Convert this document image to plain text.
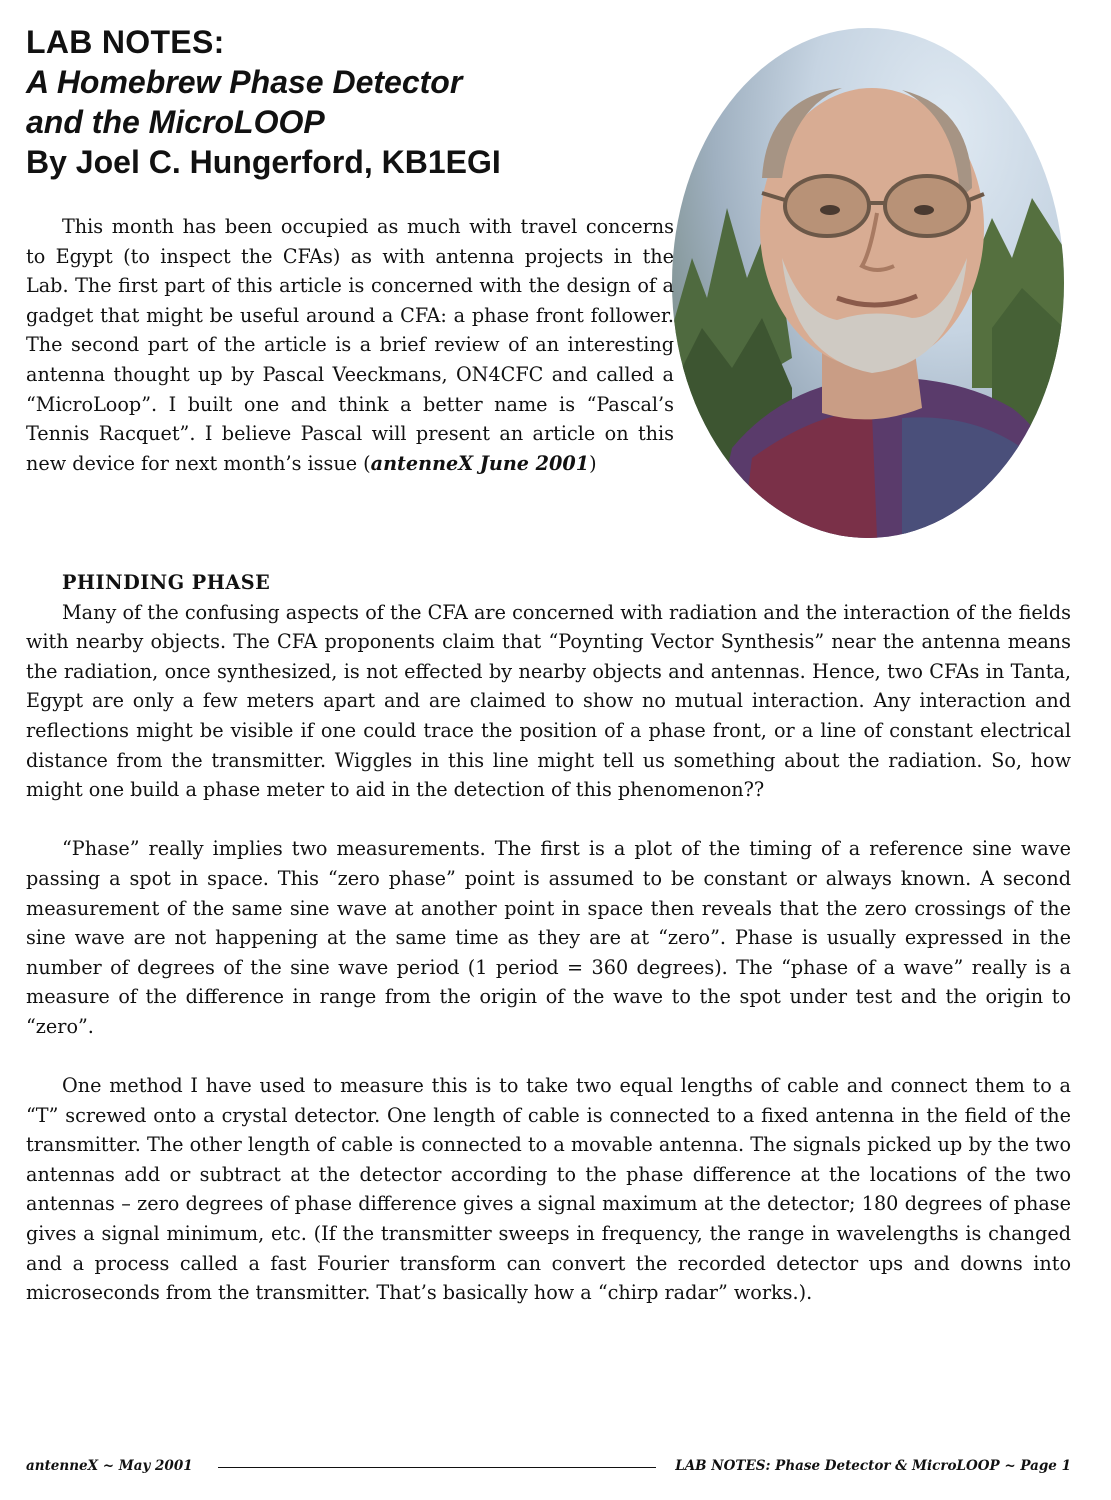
LAB NOTES:
A Homebrew Phase Detector
and the MicroLOOP
By Joel C. Hungerford, KB1EGI

This month has been occupied as much with travel concerns to Egypt (to inspect the CFAs) as with antenna projects in the Lab. The first part of this article is concerned with the design of a gadget that might be useful around a CFA: a phase front follower. The second part of the article is a brief review of an interesting antenna thought up by Pascal Veeckmans, ON4CFC and called a “MicroLoop”. I built one and think a better name is “Pascal’s Tennis Racquet”. I believe Pascal will present an article on this new device for next month’s issue (antenneX June 2001)

PHINDING PHASE

Many of the confusing aspects of the CFA are concerned with radiation and the interaction of the fields with nearby objects. The CFA proponents claim that “Poynting Vector Synthesis” near the antenna means the radiation, once synthesized, is not effected by nearby objects and antennas. Hence, two CFAs in Tanta, Egypt are only a few meters apart and are claimed to show no mutual interaction. Any interaction and reflections might be visible if one could trace the position of a phase front, or a line of constant electrical distance from the transmitter. Wiggles in this line might tell us something about the radiation. So, how might one build a phase meter to aid in the detection of this phenomenon??

“Phase” really implies two measurements. The first is a plot of the timing of a reference sine wave passing a spot in space. This “zero phase” point is assumed to be constant or always known. A second measurement of the same sine wave at another point in space then reveals that the zero crossings of the sine wave are not happening at the same time as they are at “zero”. Phase is usually expressed in the number of degrees of the sine wave period (1 period = 360 degrees). The “phase of a wave” really is a measure of the difference in range from the origin of the wave to the spot under test and the origin to “zero”.

One method I have used to measure this is to take two equal lengths of cable and connect them to a “T” screwed onto a crystal detector. One length of cable is connected to a fixed antenna in the field of the transmitter. The other length of cable is connected to a movable antenna. The signals picked up by the two antennas add or subtract at the detector according to the phase difference at the locations of the two antennas – zero degrees of phase difference gives a signal maximum at the detector; 180 degrees of phase gives a signal minimum, etc. (If the transmitter sweeps in frequency, the range in wavelengths is changed and a process called a fast Fourier transform can convert the recorded detector ups and downs into microseconds from the transmitter. That’s basically how a “chirp radar” works.).

antenneX ~ May 2001	LAB NOTES: Phase Detector & MicroLOOP ~ Page 1
